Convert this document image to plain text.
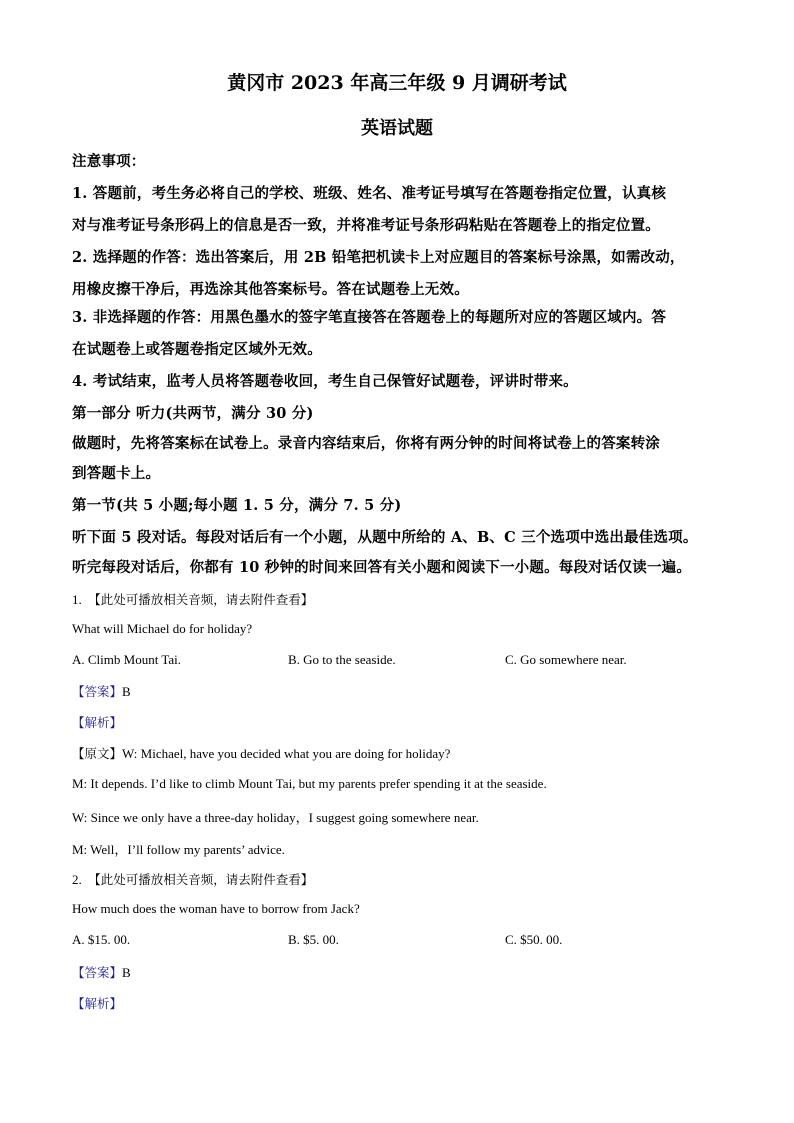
黄冈市 2023 年高三年级 9 月调研考试
英语试题
注意事项：
1. 答题前，考生务必将自己的学校、班级、姓名、准考证号填写在答题卷指定位置，认真核
对与准考证号条形码上的信息是否一致，并将准考证号条形码粘贴在答题卷上的指定位置。
2. 选择题的作答：选出答案后，用 2B 铅笔把机读卡上对应题目的答案标号涂黑，如需改动，
用橡皮擦干净后，再选涂其他答案标号。答在试题卷上无效。
3. 非选择题的作答：用黑色墨水的签字笔直接答在答题卷上的每题所对应的答题区域内。答
在试题卷上或答题卷指定区域外无效。
4. 考试结束，监考人员将答题卷收回，考生自己保管好试题卷，评讲时带来。
第一部分 听力(共两节，满分 30 分)
做题时，先将答案标在试卷上。录音内容结束后，你将有两分钟的时间将试卷上的答案转涂
到答题卡上。
第一节(共 5 小题;每小题 1. 5 分，满分 7. 5 分)
听下面 5 段对话。每段对话后有一个小题，从题中所给的 A、B、C 三个选项中选出最佳选项。
听完每段对话后，你都有 10 秒钟的时间来回答有关小题和阅读下一小题。每段对话仅读一遍。
1. 【此处可播放相关音频，请去附件查看】
What will Michael do for holiday?
A. Climb Mount Tai.	B. Go to the seaside.	C. Go somewhere near.
【答案】B
【解析】
【原文】W: Michael, have you decided what you are doing for holiday?
M: It depends. I’d like to climb Mount Tai, but my parents prefer spending it at the seaside.
W: Since we only have a three-day holiday，I suggest going somewhere near.
M: Well，I’ll follow my parents’ advice.
2. 【此处可播放相关音频，请去附件查看】
How much does the woman have to borrow from Jack?
A. $15. 00.	B. $5. 00.	C. $50. 00.
【答案】B
【解析】
